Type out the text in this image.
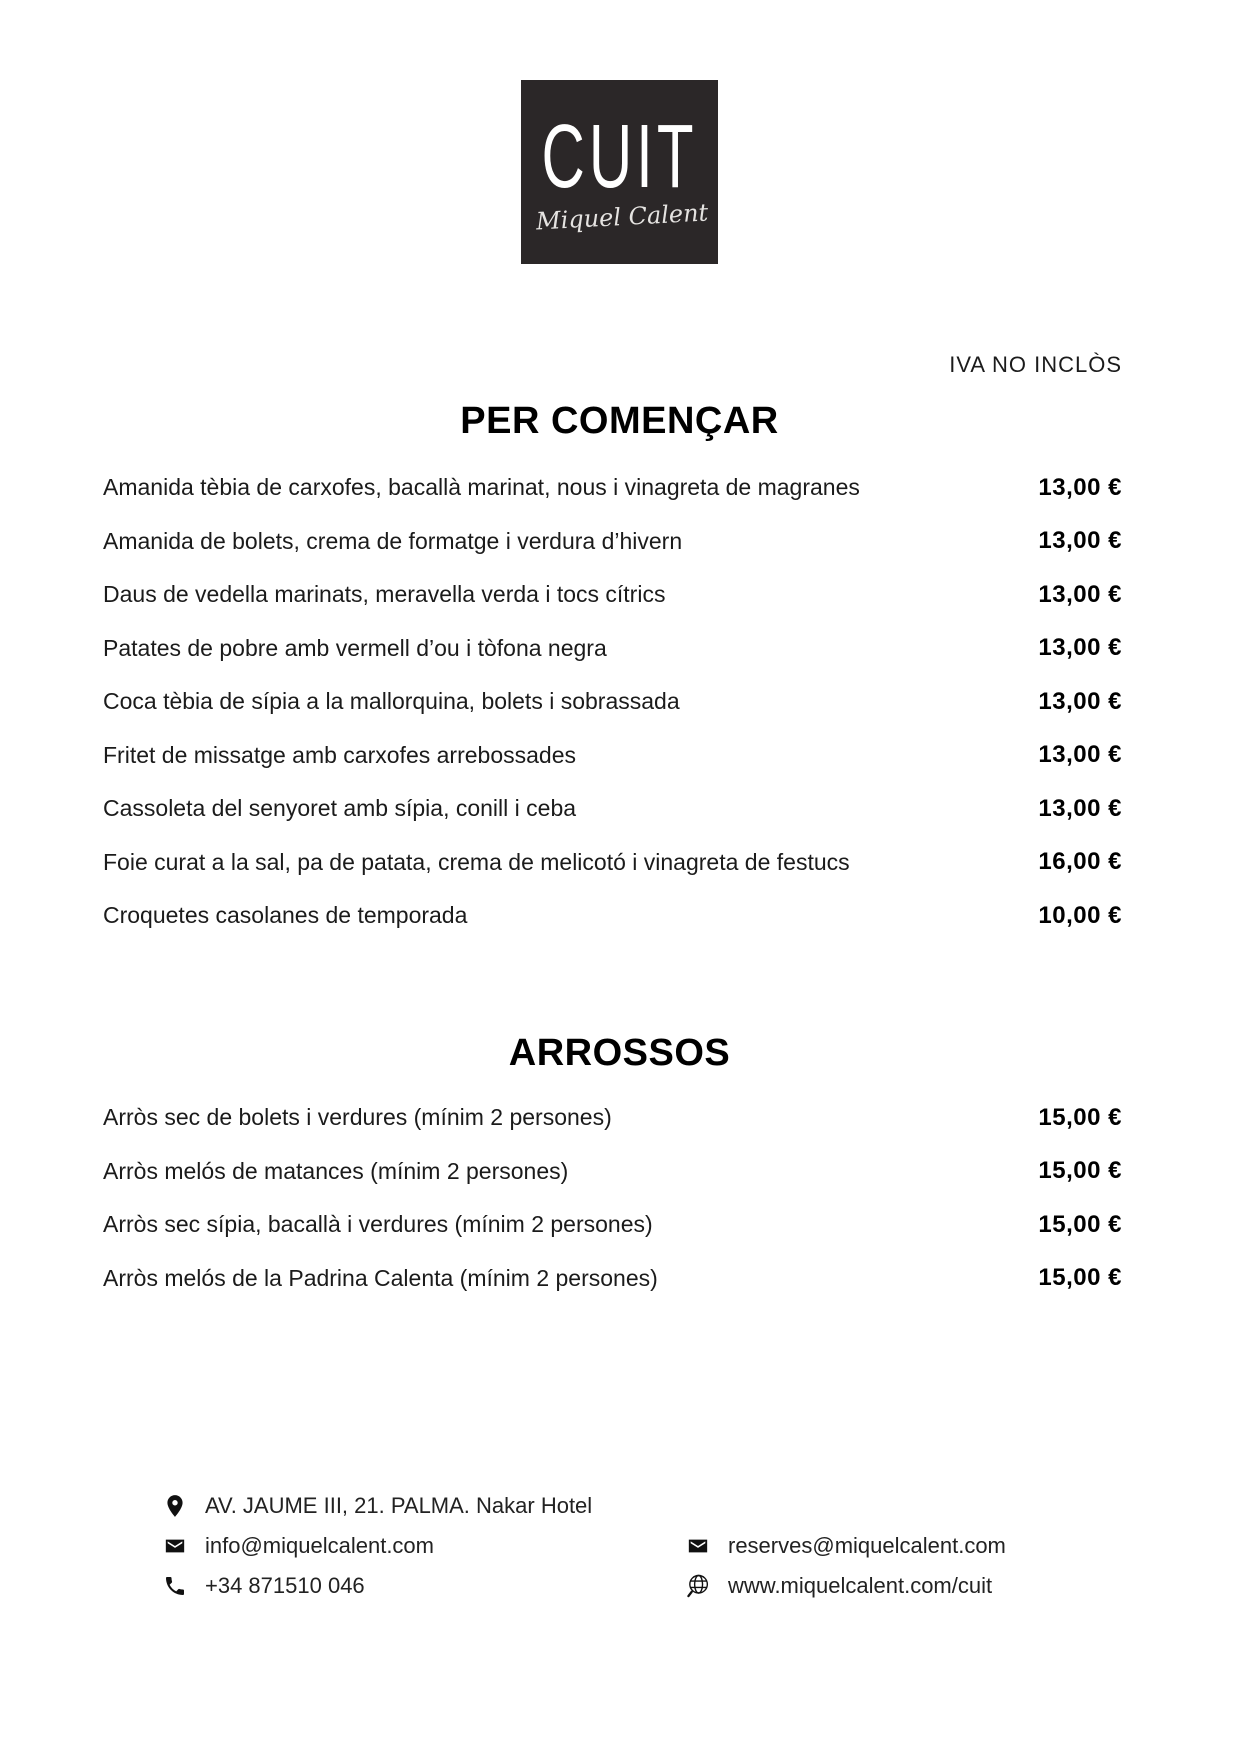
CUIT
Miquel Calent
IVA NO INCLÒS
PER COMENÇAR
Amanida tèbia de carxofes, bacallà marinat, nous i vinagreta de magranes	13,00 €
Amanida de bolets, crema de formatge i verdura d’hivern	13,00 €
Daus de vedella marinats, meravella verda i tocs cítrics	13,00 €
Patates de pobre amb vermell d’ou i tòfona negra	13,00 €
Coca tèbia de sípia a la mallorquina, bolets i sobrassada	13,00 €
Fritet de missatge amb carxofes arrebossades	13,00 €
Cassoleta del senyoret amb sípia, conill i ceba	13,00 €
Foie curat a la sal, pa de patata, crema de melicotó i vinagreta de festucs	16,00 €
Croquetes casolanes de temporada	10,00 €
ARROSSOS
Arròs sec de bolets i verdures (mínim 2 persones)	15,00 €
Arròs melós de matances (mínim 2 persones)	15,00 €
Arròs sec sípia, bacallà i verdures (mínim 2 persones)	15,00 €
Arròs melós de la Padrina Calenta (mínim 2 persones)	15,00 €
AV. JAUME III, 21. PALMA. Nakar Hotel
info@miquelcalent.com
+34 871510 046
reserves@miquelcalent.com
www.miquelcalent.com/cuit
